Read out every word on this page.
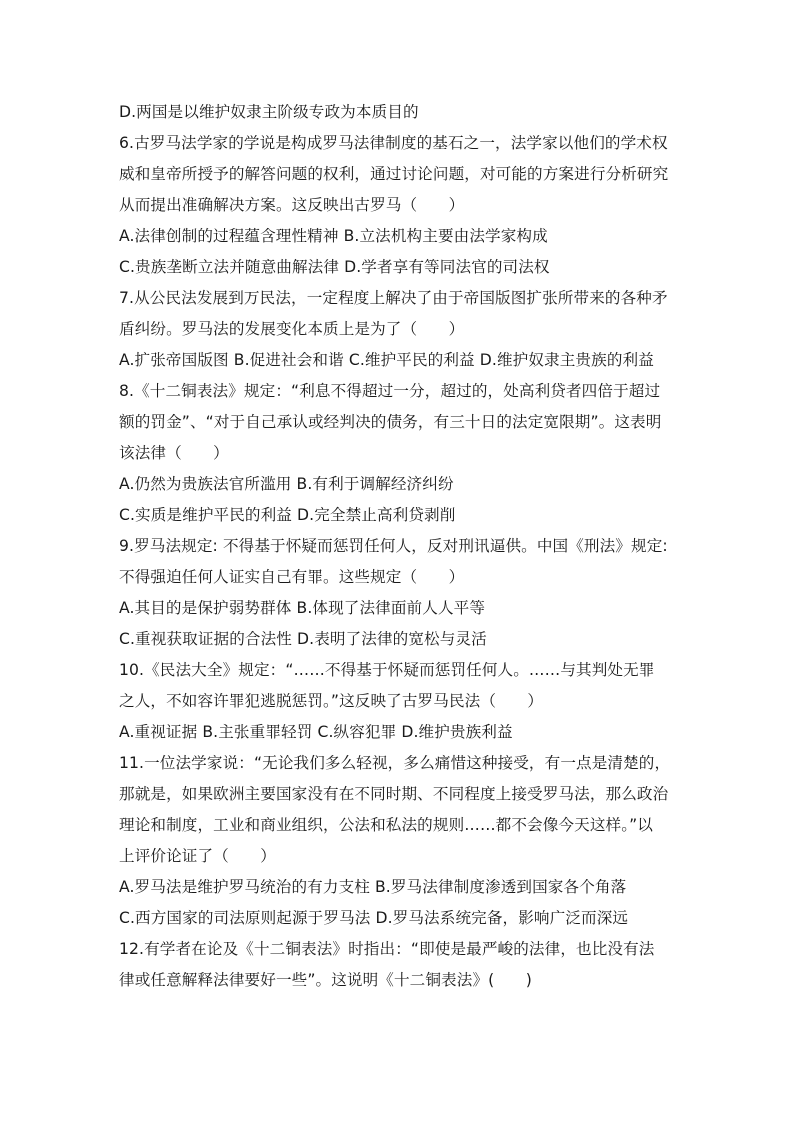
D.两国是以维护奴隶主阶级专政为本质目的
6.古罗马法学家的学说是构成罗马法律制度的基石之一，法学家以他们的学术权
威和皇帝所授予的解答问题的权利，通过讨论问题，对可能的方案进行分析研究
从而提出准确解决方案。这反映出古罗马（　　）
A.法律创制的过程蕴含理性精神 B.立法机构主要由法学家构成
C.贵族垄断立法并随意曲解法律 D.学者享有等同法官的司法权
7.从公民法发展到万民法，一定程度上解决了由于帝国版图扩张所带来的各种矛
盾纠纷。罗马法的发展变化本质上是为了（　　）
A.扩张帝国版图 B.促进社会和谐 C.维护平民的利益 D.维护奴隶主贵族的利益
8.《十二铜表法》规定：“利息不得超过一分，超过的，处高利贷者四倍于超过
额的罚金”、“对于自己承认或经判决的债务，有三十日的法定宽限期”。这表明
该法律（　　）
A.仍然为贵族法官所滥用 B.有利于调解经济纠纷
C.实质是维护平民的利益 D.完全禁止高利贷剥削
9.罗马法规定: 不得基于怀疑而惩罚任何人，反对刑讯逼供。中国《刑法》规定:
不得强迫任何人证实自己有罪。这些规定（　　）
A.其目的是保护弱势群体 B.体现了法律面前人人平等
C.重视获取证据的合法性 D.表明了法律的宽松与灵活
10.《民法大全》规定：“……不得基于怀疑而惩罚任何人。……与其判处无罪
之人，不如容许罪犯逃脱惩罚。”这反映了古罗马民法（　　）
A.重视证据 B.主张重罪轻罚 C.纵容犯罪 D.维护贵族利益
11.一位法学家说：“无论我们多么轻视，多么痛惜这种接受，有一点是清楚的，
那就是，如果欧洲主要国家没有在不同时期、不同程度上接受罗马法，那么政治
理论和制度，工业和商业组织，公法和私法的规则……都不会像今天这样。”以
上评价论证了（　　）
A.罗马法是维护罗马统治的有力支柱 B.罗马法律制度渗透到国家各个角落
C.西方国家的司法原则起源于罗马法 D.罗马法系统完备，影响广泛而深远
12.有学者在论及《十二铜表法》时指出：“即使是最严峻的法律，也比没有法
律或任意解释法律要好一些”。这说明《十二铜表法》(　　)
